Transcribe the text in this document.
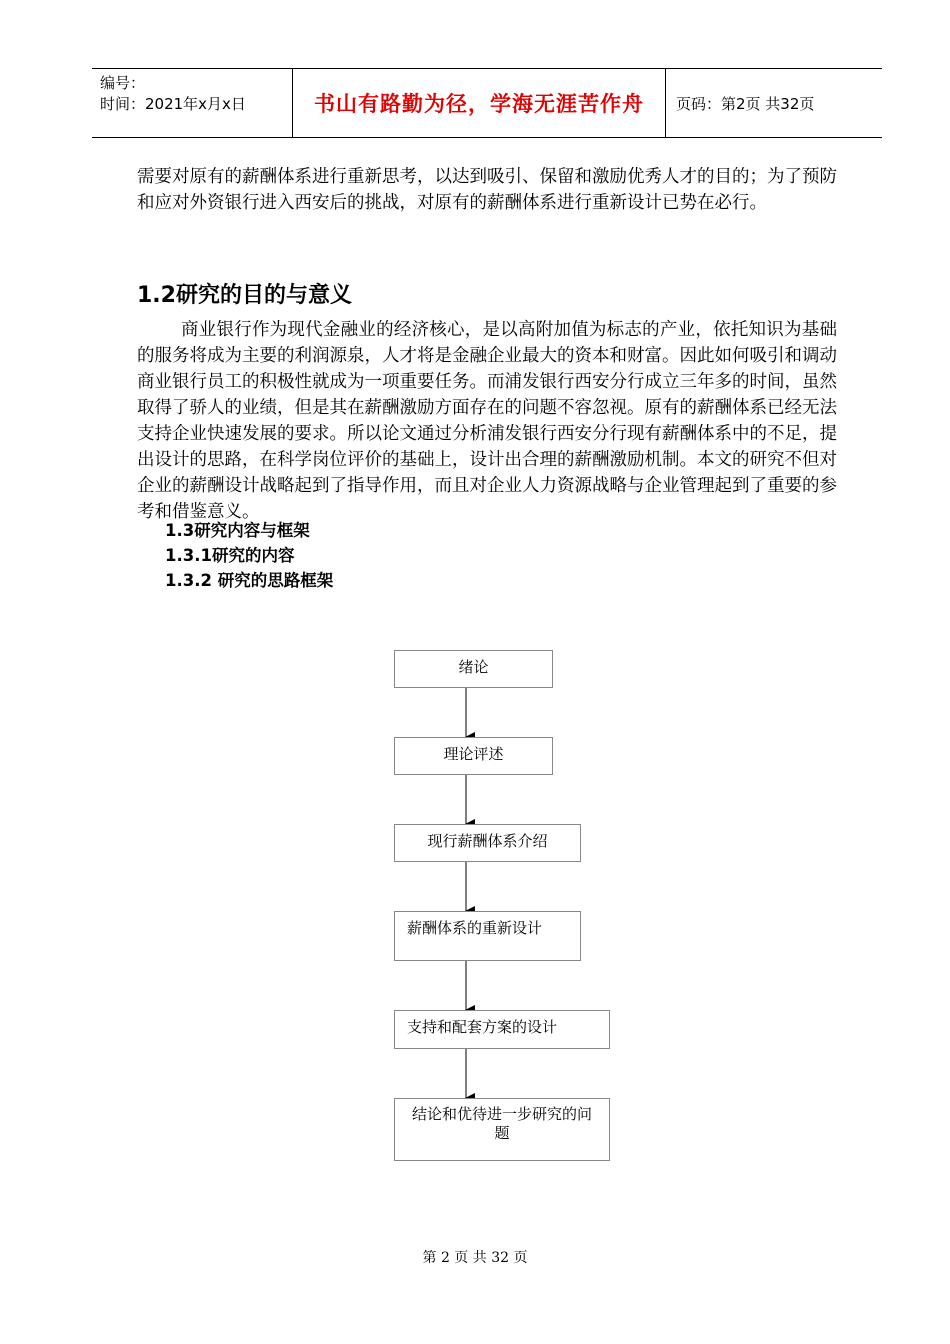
编号：
时间：2021年x月x日	书山有路勤为径，学海无涯苦作舟	页码：第2页 共32页

需要对原有的薪酬体系进行重新思考，以达到吸引、保留和激励优秀人才的目的；为了预防和应对外资银行进入西安后的挑战，对原有的薪酬体系进行重新设计已势在必行。

1.2研究的目的与意义

商业银行作为现代金融业的经济核心，是以高附加值为标志的产业，依托知识为基础的服务将成为主要的利润源泉，人才将是金融企业最大的资本和财富。因此如何吸引和调动商业银行员工的积极性就成为一项重要任务。而浦发银行西安分行成立三年多的时间，虽然取得了骄人的业绩，但是其在薪酬激励方面存在的问题不容忽视。原有的薪酬体系已经无法支持企业快速发展的要求。所以论文通过分析浦发银行西安分行现有薪酬体系中的不足，提出设计的思路，在科学岗位评价的基础上，设计出合理的薪酬激励机制。本文的研究不但对企业的薪酬设计战略起到了指导作用，而且对企业人力资源战略与企业管理起到了重要的参考和借鉴意义。

1.3研究内容与框架
1.3.1研究的内容
1.3.2 研究的思路框架
绪论
理论评述
现行薪酬体系介绍
薪酬体系的重新设计
支持和配套方案的设计
结论和优待进一步研究的问题
第 2 页 共 32 页
